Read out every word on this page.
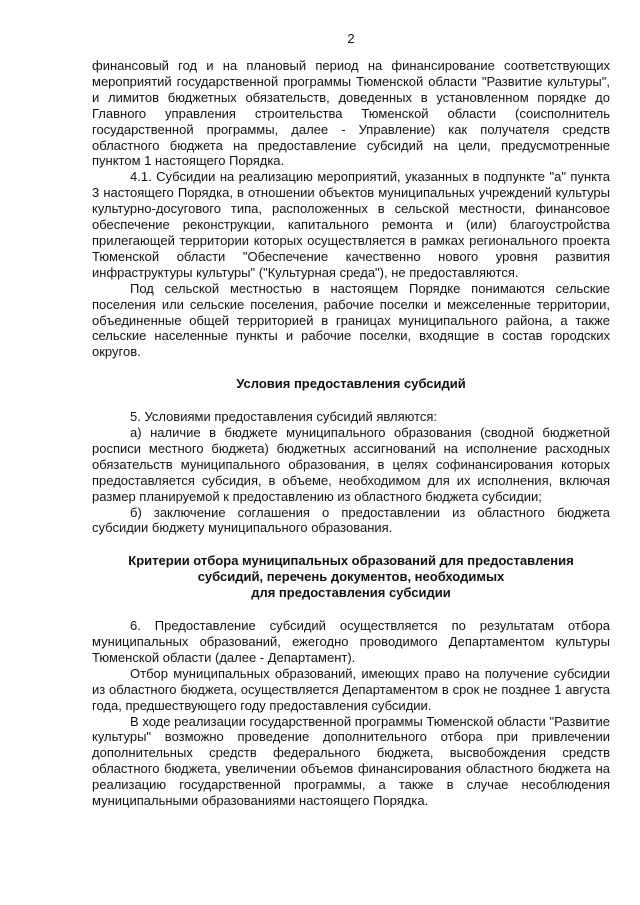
2

финансовый год и на плановый период на финансирование соответствующих мероприятий государственной программы Тюменской области "Развитие культуры", и лимитов бюджетных обязательств, доведенных в установленном порядке до Главного управления строительства Тюменской области (соисполнитель государственной программы, далее - Управление) как получателя средств областного бюджета на предоставление субсидий на цели, предусмотренные пунктом 1 настоящего Порядка.

4.1. Субсидии на реализацию мероприятий, указанных в подпункте "а" пункта 3 настоящего Порядка, в отношении объектов муниципальных учреждений культуры культурно-досугового типа, расположенных в сельской местности, финансовое обеспечение реконструкции, капитального ремонта и (или) благоустройства прилегающей территории которых осуществляется в рамках регионального проекта Тюменской области "Обеспечение качественно нового уровня развития инфраструктуры культуры" ("Культурная среда"), не предоставляются.

Под сельской местностью в настоящем Порядке понимаются сельские поселения или сельские поселения, рабочие поселки и межселенные территории, объединенные общей территорией в границах муниципального района, а также сельские населенные пункты и рабочие поселки, входящие в состав городских округов.

Условия предоставления субсидий

5. Условиями предоставления субсидий являются:

а) наличие в бюджете муниципального образования (сводной бюджетной росписи местного бюджета) бюджетных ассигнований на исполнение расходных обязательств муниципального образования, в целях софинансирования которых предоставляется субсидия, в объеме, необходимом для их исполнения, включая размер планируемой к предоставлению из областного бюджета субсидии;

б) заключение соглашения о предоставлении из областного бюджета субсидии бюджету муниципального образования.

Критерии отбора муниципальных образований для предоставления
субсидий, перечень документов, необходимых
для предоставления субсидии

6. Предоставление субсидий осуществляется по результатам отбора муниципальных образований, ежегодно проводимого Департаментом культуры Тюменской области (далее - Департамент).

Отбор муниципальных образований, имеющих право на получение субсидии из областного бюджета, осуществляется Департаментом в срок не позднее 1 августа года, предшествующего году предоставления субсидии.

В ходе реализации государственной программы Тюменской области "Развитие культуры" возможно проведение дополнительного отбора при привлечении дополнительных средств федерального бюджета, высвобождения средств областного бюджета, увеличении объемов финансирования областного бюджета на реализацию государственной программы, а также в случае несоблюдения муниципальными образованиями настоящего Порядка.
